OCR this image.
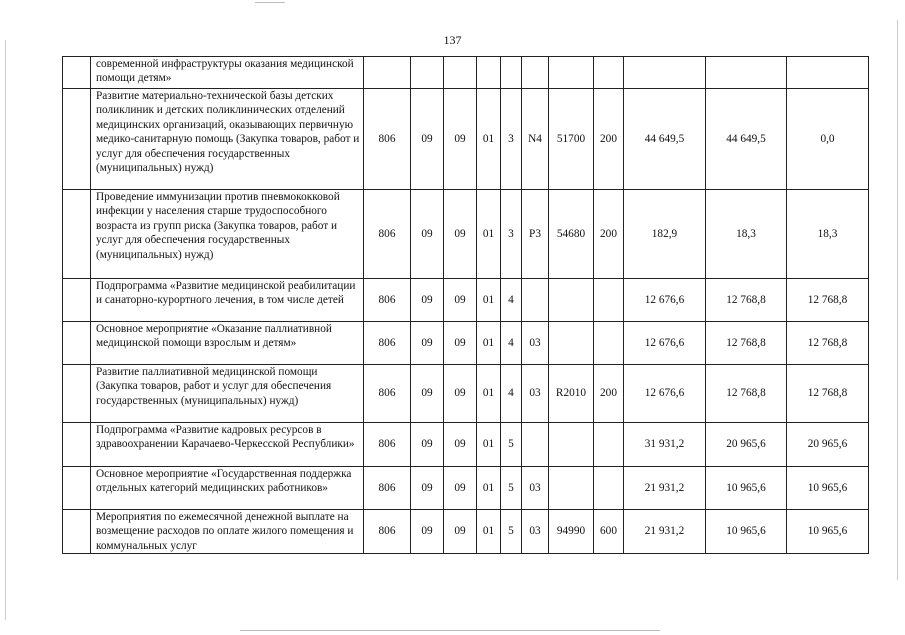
137
	современной инфраструктуры оказания медицинской помощи детям»											
	Развитие материально-технической базы детских поликлиник и детских поликлинических отделений медицинских организаций, оказывающих первичную медико-санитарную помощь (Закупка товаров, работ и услуг для обеспечения государственных (муниципальных) нужд)	806	09	09	01	3	N4	51700	200	44 649,5	44 649,5	0,0
	Проведение иммунизации против пневмококковой инфекции у населения старше трудоспособного возраста из групп риска (Закупка товаров, работ и услуг для обеспечения государственных (муниципальных) нужд)	806	09	09	01	3	P3	54680	200	182,9	18,3	18,3
	Подпрограмма «Развитие медицинской реабилитации и санаторно-курортного лечения, в том числе детей	806	09	09	01	4				12 676,6	12 768,8	12 768,8
	Основное мероприятие «Оказание паллиативной медицинской помощи взрослым и детям»	806	09	09	01	4	03			12 676,6	12 768,8	12 768,8
	Развитие паллиативной медицинской помощи (Закупка товаров, работ и услуг для обеспечения государственных (муниципальных) нужд)	806	09	09	01	4	03	R2010	200	12 676,6	12 768,8	12 768,8
	Подпрограмма «Развитие кадровых ресурсов в здравоохранении Карачаево-Черкесской Республики»	806	09	09	01	5				31 931,2	20 965,6	20 965,6
	Основное мероприятие «Государственная поддержка отдельных категорий медицинских работников»	806	09	09	01	5	03			21 931,2	10 965,6	10 965,6
	Мероприятия по ежемесячной денежной выплате на возмещение расходов по оплате жилого помещения и коммунальных услуг	806	09	09	01	5	03	94990	600	21 931,2	10 965,6	10 965,6
